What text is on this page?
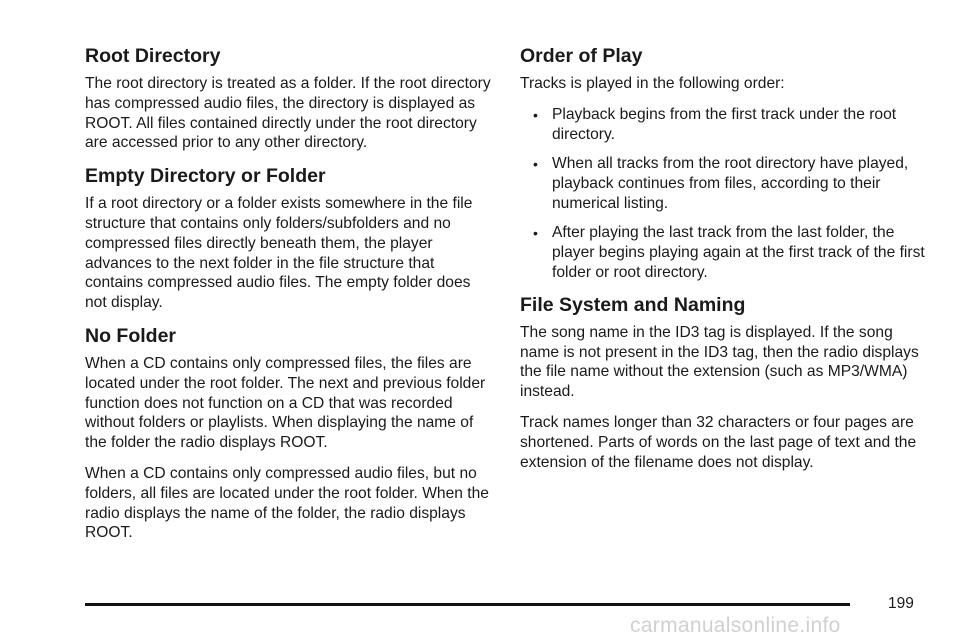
Root Directory

The root directory is treated as a folder. If the root directory has compressed audio files, the directory is displayed as ROOT. All files contained directly under the root directory are accessed prior to any other directory.

Empty Directory or Folder

If a root directory or a folder exists somewhere in the file structure that contains only folders/subfolders and no compressed files directly beneath them, the player advances to the next folder in the file structure that contains compressed audio files. The empty folder does not display.

No Folder

When a CD contains only compressed files, the files are located under the root folder. The next and previous folder function does not function on a CD that was recorded without folders or playlists. When displaying the name of the folder the radio displays ROOT.

When a CD contains only compressed audio files, but no folders, all files are located under the root folder. When the radio displays the name of the folder, the radio displays ROOT.

Order of Play

Tracks is played in the following order:

• Playback begins from the first track under the root directory.
• When all tracks from the root directory have played, playback continues from files, according to their numerical listing.
• After playing the last track from the last folder, the player begins playing again at the first track of the first folder or root directory.
File System and Naming

The song name in the ID3 tag is displayed. If the song name is not present in the ID3 tag, then the radio displays the file name without the extension (such as MP3/WMA) instead.

Track names longer than 32 characters or four pages are shortened. Parts of words on the last page of text and the extension of the filename does not display.

199
carmanualsonline.info
